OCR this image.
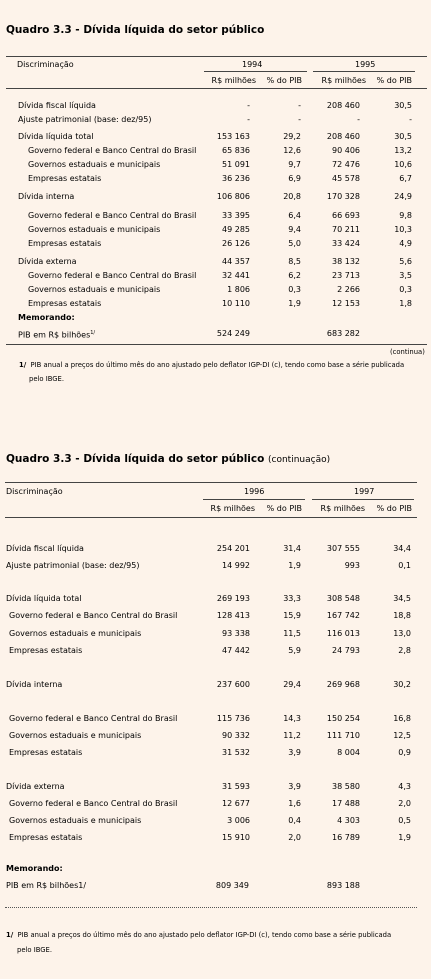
Quadro 3.3 - Dívida líquida do setor público
Discriminação	1994	1995
R$ milhões	% do PIB	R$ milhões	% do PIB
Dívida fiscal líquida	-	-	208 460	30,5
Ajuste patrimonial (base: dez/95)	-	-	-	-
Dívida líquida total	153 163	29,2	208 460	30,5
Governo federal e Banco Central do Brasil	65 836	12,6	90 406	13,2
Governos estaduais e municipais	51 091	9,7	72 476	10,6
Empresas estatais	36 236	6,9	45 578	6,7
Dívida interna	106 806	20,8	170 328	24,9
Governo federal e Banco Central do Brasil	33 395	6,4	66 693	9,8
Governos estaduais e municipais	49 285	9,4	70 211	10,3
Empresas estatais	26 126	5,0	33 424	4,9
Dívida externa	44 357	8,5	38 132	5,6
Governo federal e Banco Central do Brasil	32 441	6,2	23 713	3,5
Governos estaduais e municipais	1 806	0,3	2 266	0,3
Empresas estatais	10 110	1,9	12 153	1,8
Memorando:
PIB em R$ bilhões$^{1/}$	524 249	683 282
(continua)
1/ PIB anual a preços do último mês do ano ajustado pelo deflator IGP-DI (c), tendo como base a série publicada
pelo IBGE.
Quadro 3.3 - Dívida líquida do setor público (continuação)
Discriminação	1996	1997
R$ milhões	% do PIB	R$ milhões	% do PIB
Dívida fiscal líquida	254 201	31,4	307 555	34,4
Ajuste patrimonial (base: dez/95)	14 992	1,9	993	0,1
Dívida líquida total	269 193	33,3	308 548	34,5
Governo federal e Banco Central do Brasil	128 413	15,9	167 742	18,8
Governos estaduais e municipais	93 338	11,5	116 013	13,0
Empresas estatais	47 442	5,9	24 793	2,8
Dívida interna	237 600	29,4	269 968	30,2
Governo federal e Banco Central do Brasil	115 736	14,3	150 254	16,8
Governos estaduais e municipais	90 332	11,2	111 710	12,5
Empresas estatais	31 532	3,9	8 004	0,9
Dívida externa	31 593	3,9	38 580	4,3
Governo federal e Banco Central do Brasil	12 677	1,6	17 488	2,0
Governos estaduais e municipais	3 006	0,4	4 303	0,5
Empresas estatais	15 910	2,0	16 789	1,9
Memorando:
PIB em R$ bilhões1/	809 349	893 188
1/ PIB anual a preços do último mês do ano ajustado pelo deflator IGP-DI (c), tendo como base a série publicada
pelo IBGE.
